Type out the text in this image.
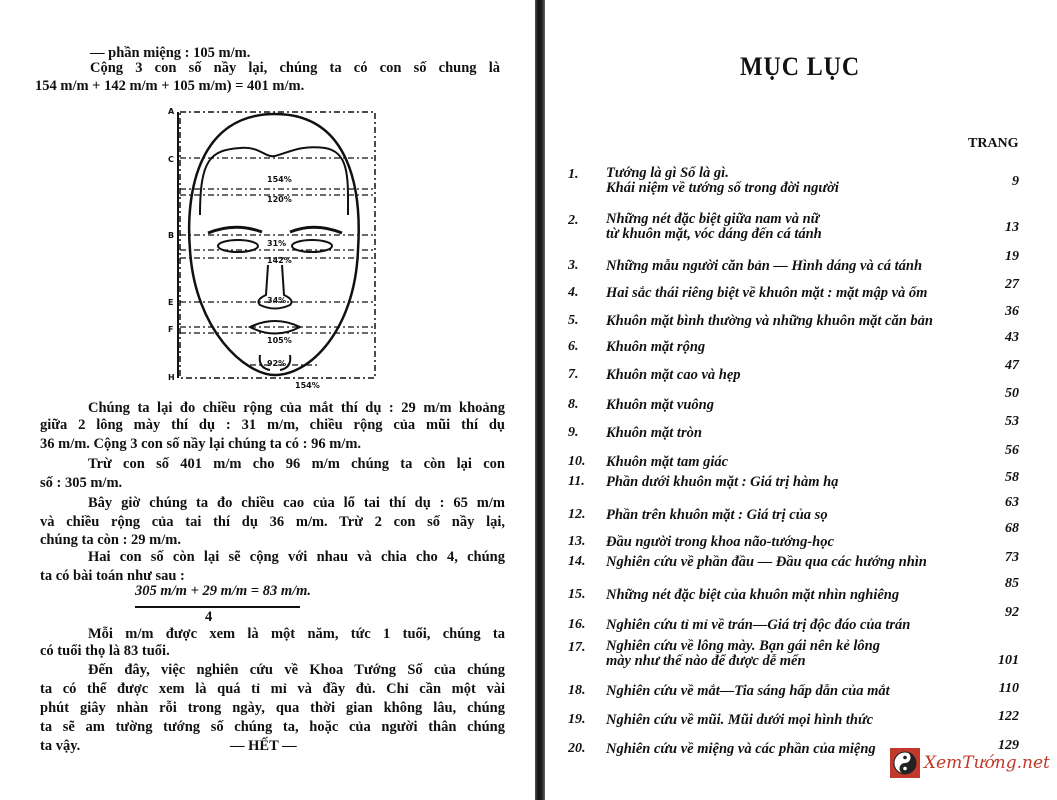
— phần miệng : 105 m/m.
Cộng 3 con số nầy lại, chúng ta có con số chung là
154 m/m + 142 m/m + 105 m/m) = 401 m/m.
154%
120%
31%
142%
34%
105%
92%
154%
A
C
B
E
F
H
Chúng ta lại đo chiều rộng của mắt thí dụ : 29 m/m khoảng
giữa 2 lông mày thí dụ : 31 m/m, chiều rộng của mũi thí dụ
36 m/m. Cộng 3 con số nầy lại chúng ta có : 96 m/m.
Trừ con số 401 m/m cho 96 m/m chúng ta còn lại con
số : 305 m/m.
Bây giờ chúng ta đo chiều cao của lổ tai thí dụ : 65 m/m
và chiều rộng của tai thí dụ 36 m/m. Trừ 2 con số nầy lại,
chúng ta còn : 29 m/m.
Hai con số còn lại sẽ cộng với nhau và chia cho 4, chúng
ta có bài toán như sau :
305 m/m + 29 m/m = 83 m/m.
4
Mỗi m/m được xem là một năm, tức 1 tuổi, chúng ta
có tuổi thọ là 83 tuổi.
Đến đây, việc nghiên cứu về Khoa Tướng Số của chúng
ta có thể được xem là quá tỉ mỉ và đầy đủ. Chỉ cần một vài
phút giây nhàn rỗi trong ngày, qua thời gian không lâu, chúng
ta sẽ am tường tướng số chúng ta, hoặc của người thân chúng
ta vậy.	— HẾT —
MỤC LỤC
TRANG
1. Tướng là gì Số là gì.
Khái niệm về tướng số trong đời người	9
2. Những nét đặc biệt giữa nam và nữ
từ khuôn mặt, vóc dáng đến cá tánh	13
3. Những mẫu người căn bản — Hình dáng và cá tánh
19
4. Hai sắc thái riêng biệt về khuôn mặt : mặt mập và ốm
27
5. Khuôn mặt bình thường và những khuôn mặt căn bản
36
6. Khuôn mặt rộng
43
7. Khuôn mặt cao và hẹp
47
8. Khuôn mặt vuông
50
9. Khuôn mặt tròn
53
10. Khuôn mặt tam giác
56
11. Phần dưới khuôn mặt : Giá trị hàm hạ	58
12. Phần trên khuôn mặt : Giá trị của sọ
63
13. Đầu người trong khoa não-tướng-học
68
14. Nghiên cứu về phần đầu — Đầu qua các hướng nhìn	73
15. Những nét đặc biệt của khuôn mặt nhìn nghiêng
85
16. Nghiên cứu tỉ mỉ về trán—Giá trị độc đáo của trán
92
17. Nghiên cứu về lông mày. Bạn gái nên kẻ lông
mày như thế nào để được dễ mến	101
18. Nghiên cứu về mắt—Tia sáng hấp dẫn của mắt	110
19. Nghiên cứu về mũi. Mũi dưới mọi hình thức	122
20. Nghiên cứu về miệng và các phần của miệng	129
XemTướng.net
